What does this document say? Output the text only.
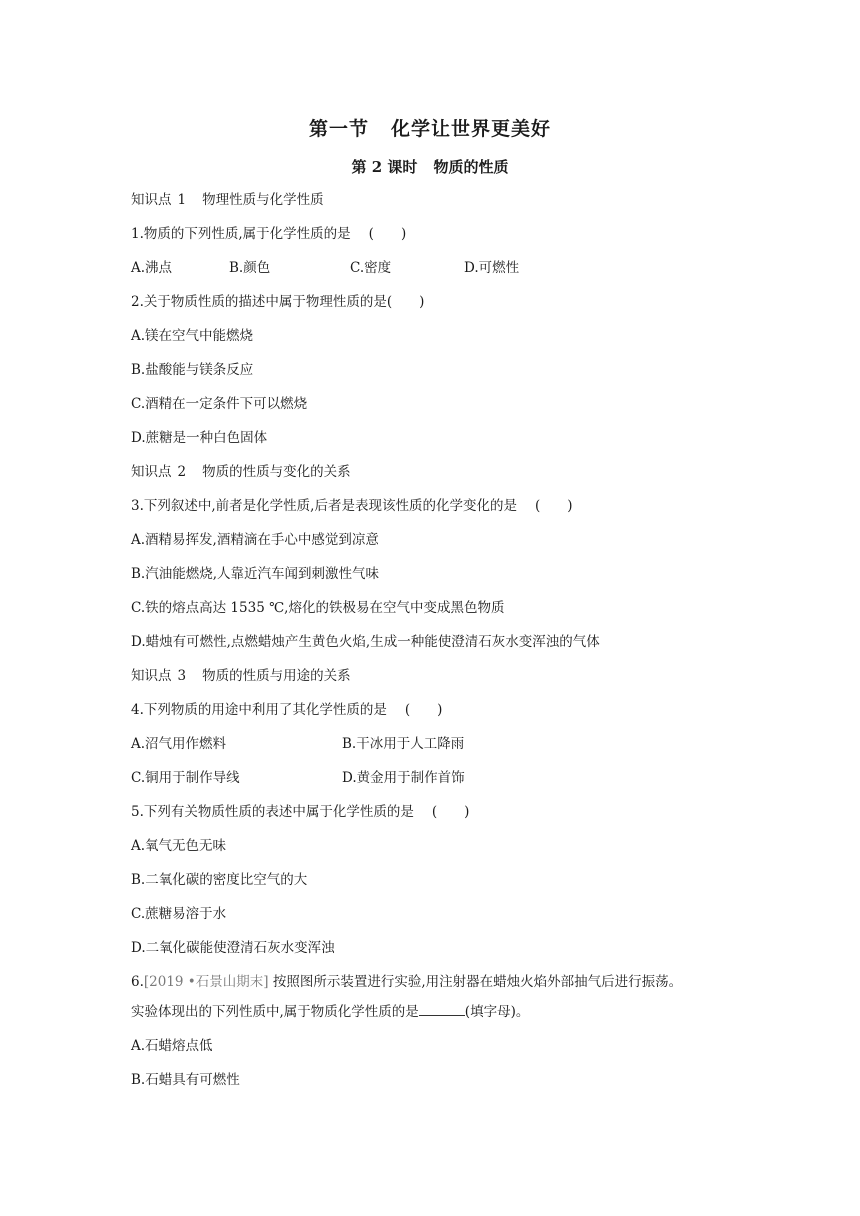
第一节 化学让世界更美好
第 2 课时 物质的性质
知识点 1 物理性质与化学性质
1.物质的下列性质,属于化学性质的是 (　　)
A.沸点	B.颜色	C.密度	D.可燃性
2.关于物质性质的描述中属于物理性质的是(　　)
A.镁在空气中能燃烧
B.盐酸能与镁条反应
C.酒精在一定条件下可以燃烧
D.蔗糖是一种白色固体
知识点 2 物质的性质与变化的关系
3.下列叙述中,前者是化学性质,后者是表现该性质的化学变化的是 (　　)
A.酒精易挥发,酒精滴在手心中感觉到凉意
B.汽油能燃烧,人靠近汽车闻到刺激性气味
C.铁的熔点高达 1535 ℃,熔化的铁极易在空气中变成黑色物质
D.蜡烛有可燃性,点燃蜡烛产生黄色火焰,生成一种能使澄清石灰水变浑浊的气体
知识点 3 物质的性质与用途的关系
4.下列物质的用途中利用了其化学性质的是 (　　)
A.沼气用作燃料	B.干冰用于人工降雨
C.铜用于制作导线	D.黄金用于制作首饰
5.下列有关物质性质的表述中属于化学性质的是 (　　)
A.氧气无色无味
B.二氧化碳的密度比空气的大
C.蔗糖易溶于水
D.二氧化碳能使澄清石灰水变浑浊
6.[2019 •石景山期末] 按照图所示装置进行实验,用注射器在蜡烛火焰外部抽气后进行振荡。
实验体现出的下列性质中,属于物质化学性质的是	(填字母)。
A.石蜡熔点低
B.石蜡具有可燃性
